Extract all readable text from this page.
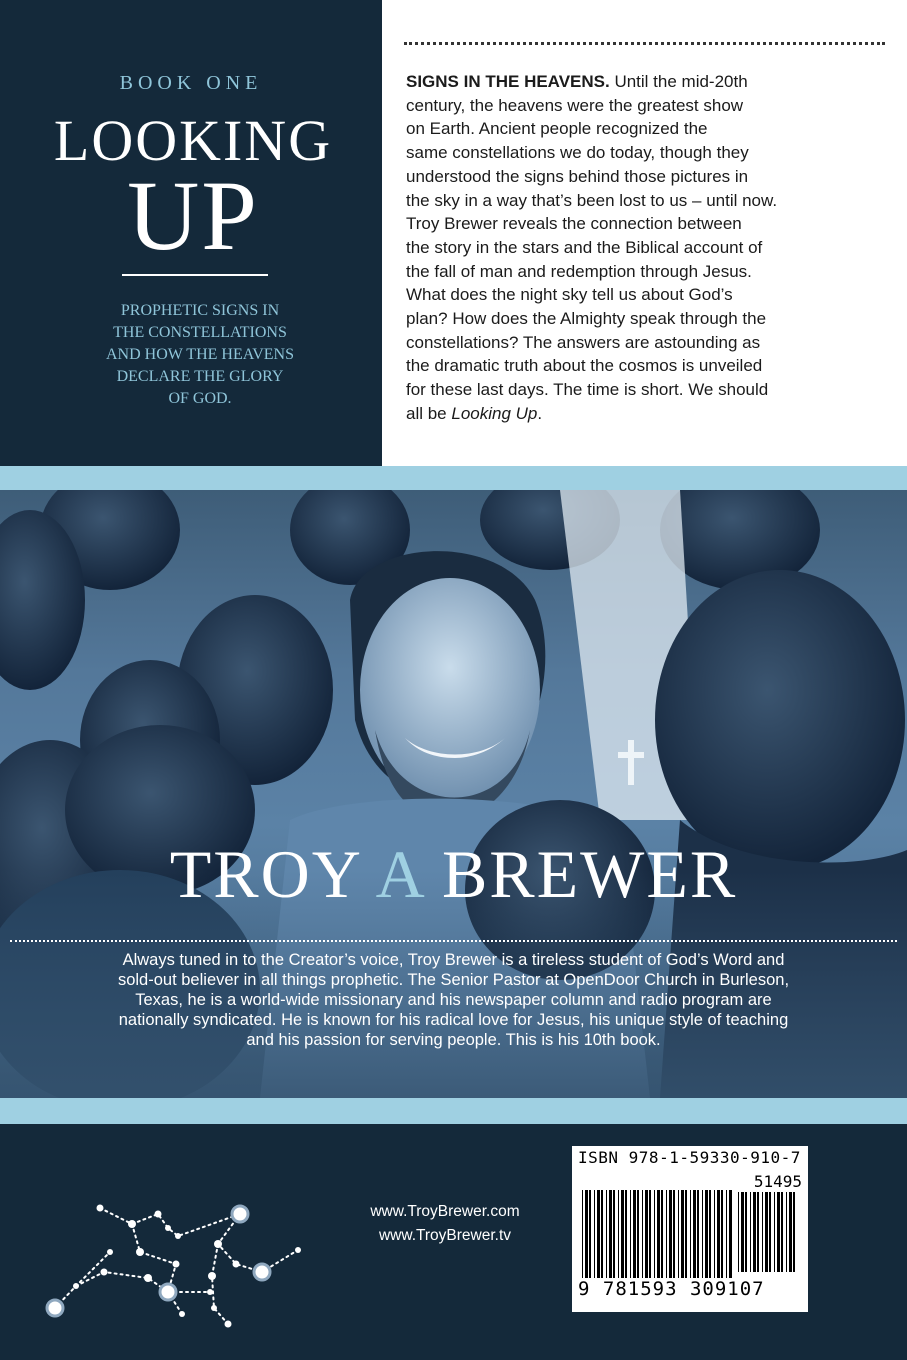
BOOK ONE
LOOKING
UP
PROPHETIC SIGNS IN
THE CONSTELLATIONS
AND HOW THE HEAVENS
DECLARE THE GLORY
OF GOD.
SIGNS IN THE HEAVENS. Until the mid-20th
century, the heavens were the greatest show
on Earth. Ancient people recognized the
same constellations we do today, though they
understood the signs behind those pictures in
the sky in a way that’s been lost to us – until now.
Troy Brewer reveals the connection between
the story in the stars and the Biblical account of
the fall of man and redemption through Jesus.
What does the night sky tell us about God’s
plan? How does the Almighty speak through the
constellations? The answers are astounding as
the dramatic truth about the cosmos is unveiled
for these last days. The time is short. We should
all be Looking Up.
TROY A BREWER
Always tuned in to the Creator’s voice, Troy Brewer is a tireless student of God’s Word and
sold-out believer in all things prophetic. The Senior Pastor at OpenDoor Church in Burleson,
Texas, he is a world-wide missionary and his newspaper column and radio program are
nationally syndicated. He is known for his radical love for Jesus, his unique style of teaching
and his passion for serving people. This is his 10th book.
www.TroyBrewer.com
www.TroyBrewer.tv
ISBN 978-1-59330-910-7
51495
9 781593 309107
